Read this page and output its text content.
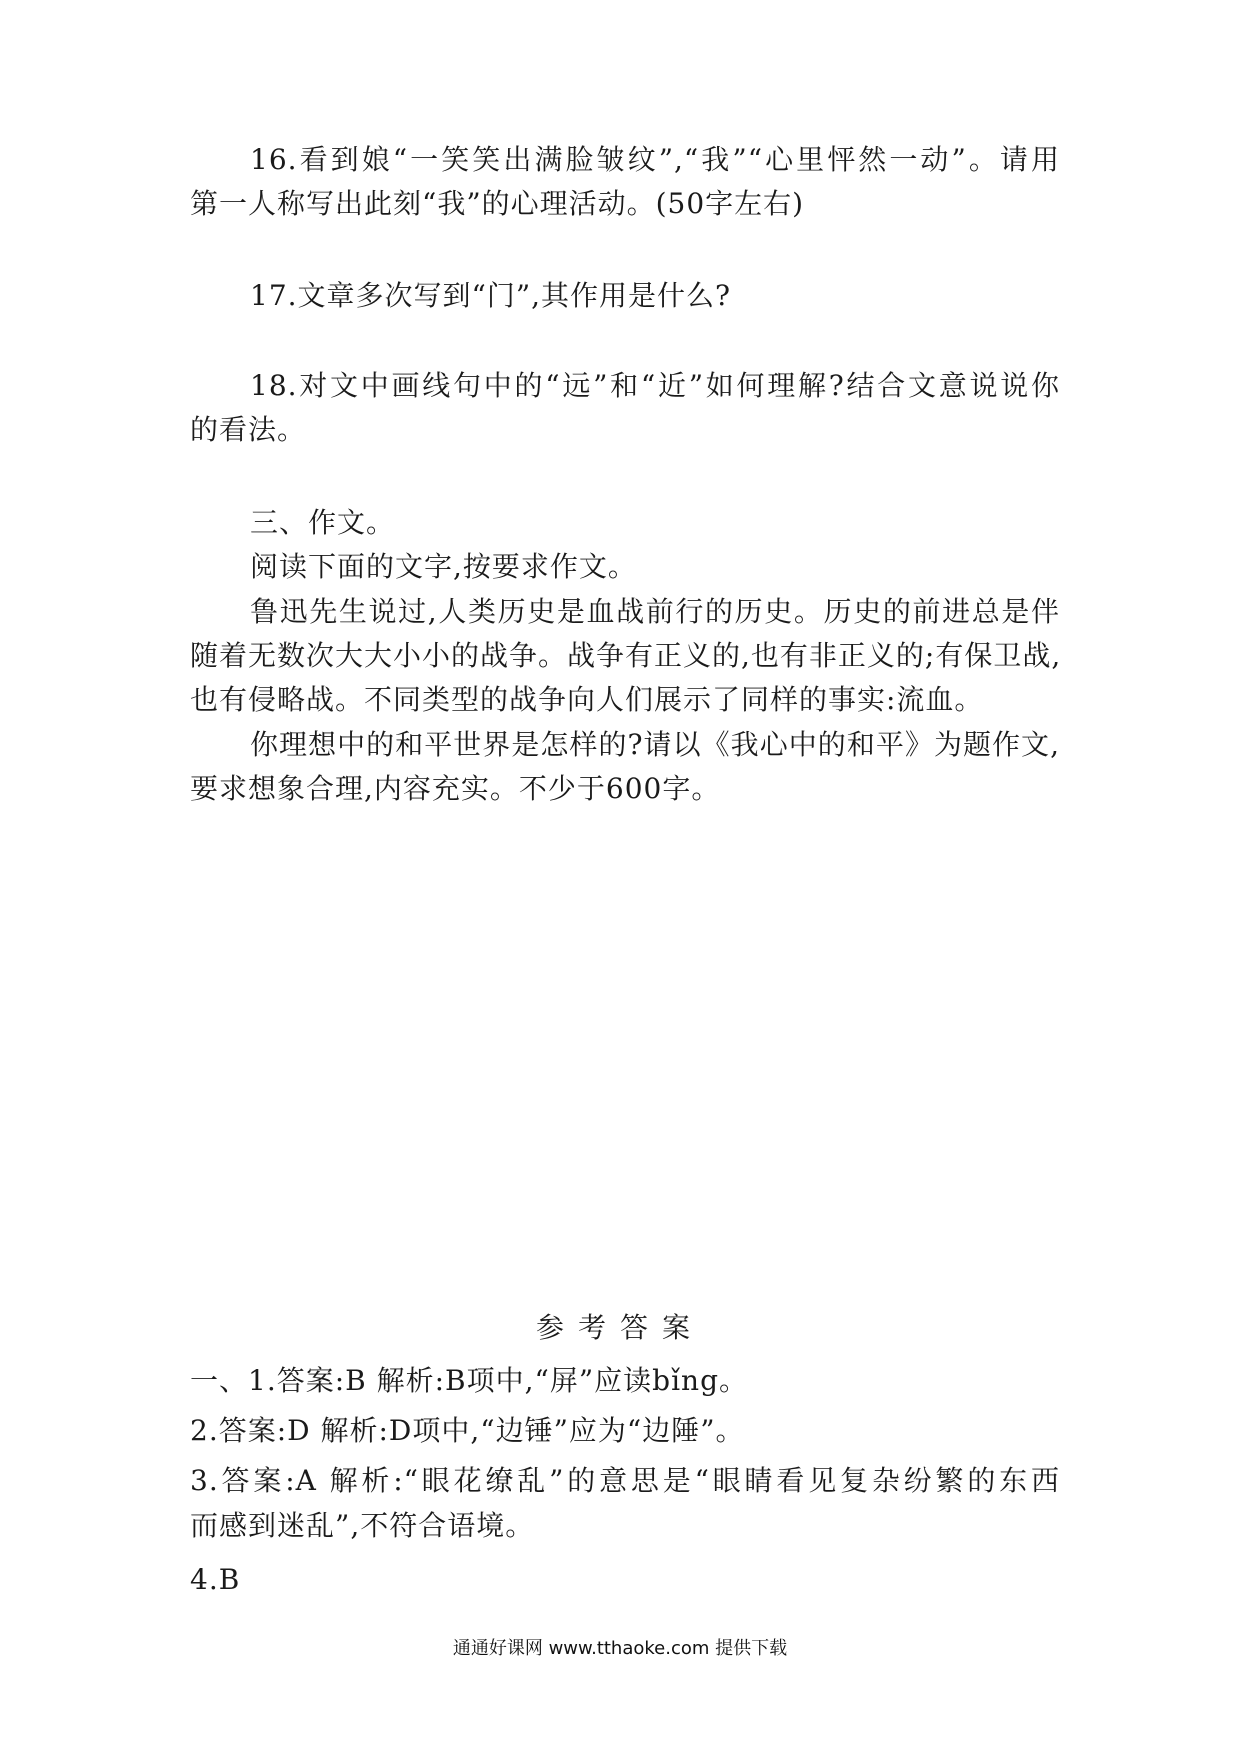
16.看到娘“一笑笑出满脸皱纹”,“我”“心里怦然一动”。请用
第一人称写出此刻“我”的心理活动。(50字左右)
17.文章多次写到“门”,其作用是什么?
18.对文中画线句中的“远”和“近”如何理解?结合文意说说你
的看法。
三、作文。
阅读下面的文字,按要求作文。
鲁迅先生说过,人类历史是血战前行的历史。历史的前进总是伴
随着无数次大大小小的战争。战争有正义的,也有非正义的;有保卫战,
也有侵略战。不同类型的战争向人们展示了同样的事实:流血。
你理想中的和平世界是怎样的?请以《我心中的和平》为题作文,
要求想象合理,内容充实。不少于600字。
参考答案
一、1.答案:B 解析:B项中,“屏”应读bǐng。
2.答案:D 解析:D项中,“边锤”应为“边陲”。
3.答案:A 解析:“眼花缭乱”的意思是“眼睛看见复杂纷繁的东西
而感到迷乱”,不符合语境。
4.B
通通好课网 www.tthaoke.com 提供下载
